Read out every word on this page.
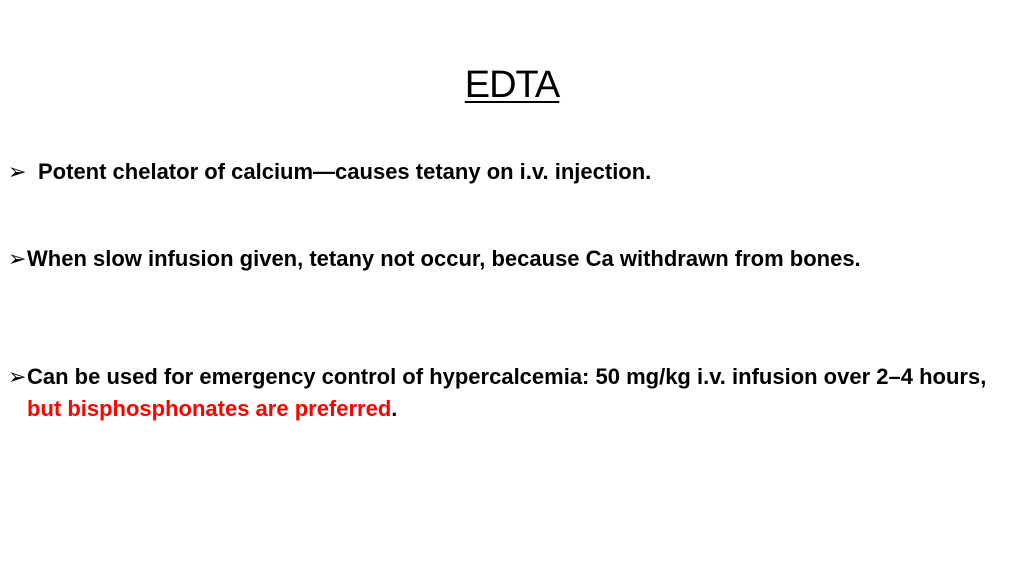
EDTA
➢ Potent chelator of calcium—causes tetany on i.v. injection.
➢ When slow infusion given, tetany not occur, because Ca withdrawn from bones.
➢ Can be used for emergency control of hypercalcemia: 50 mg/kg i.v. infusion over 2–4 hours, but bisphosphonates are preferred.
